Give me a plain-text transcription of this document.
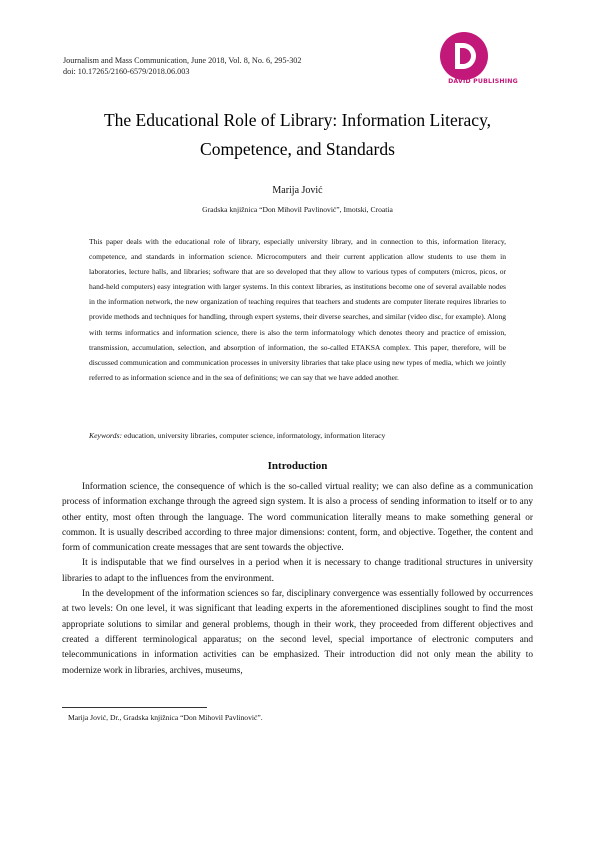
Journalism and Mass Communication, June 2018, Vol. 8, No. 6, 295-302
doi: 10.17265/2160-6579/2018.06.003
DAVID PUBLISHING
The Educational Role of Library: Information Literacy,
Competence, and Standards
Marija Jović
Gradska knjižnica “Don Mihovil Pavlinović”, Imotski, Croatia

This paper deals with the educational role of library, especially university library, and in connection to this, information literacy, competence, and standards in information science. Microcomputers and their current application allow students to use them in laboratories, lecture halls, and libraries; software that are so developed that they allow to various types of computers (micros, picos, or hand-held computers) easy integration with larger systems. In this context libraries, as institutions become one of several available nodes in the information network, the new organization of teaching requires that teachers and students are computer literate requires libraries to provide methods and techniques for handling, through expert systems, their diverse searches, and similar (video disc, for example). Along with terms informatics and information science, there is also the term informatology which denotes theory and practice of emission, transmission, accumulation, selection, and absorption of information, the so-called ETAKSA complex. This paper, therefore, will be discussed communication and communication processes in university libraries that take place using new types of media, which we jointly referred to as information science and in the sea of definitions; we can say that we have added another.

Keywords: education, university libraries, computer science, informatology, information literacy
Introduction

Information science, the consequence of which is the so-called virtual reality; we can also define as a communication process of information exchange through the agreed sign system. It is also a process of sending information to itself or to any other entity, most often through the language. The word communication literally means to make something general or common. It is usually described according to three major dimensions: content, form, and objective. Together, the content and form of communication create messages that are sent towards the objective.

It is indisputable that we find ourselves in a period when it is necessary to change traditional structures in university libraries to adapt to the influences from the environment.

In the development of the information sciences so far, disciplinary convergence was essentially followed by occurrences at two levels: On one level, it was significant that leading experts in the aforementioned disciplines sought to find the most appropriate solutions to similar and general problems, though in their work, they proceeded from different objectives and created a different terminological apparatus; on the second level, special importance of electronic computers and telecommunications in information activities can be emphasized. Their introduction did not only mean the ability to modernize work in libraries, archives, museums,

Marija Jović, Dr., Gradska knjižnica “Don Mihovil Pavlinović”.
